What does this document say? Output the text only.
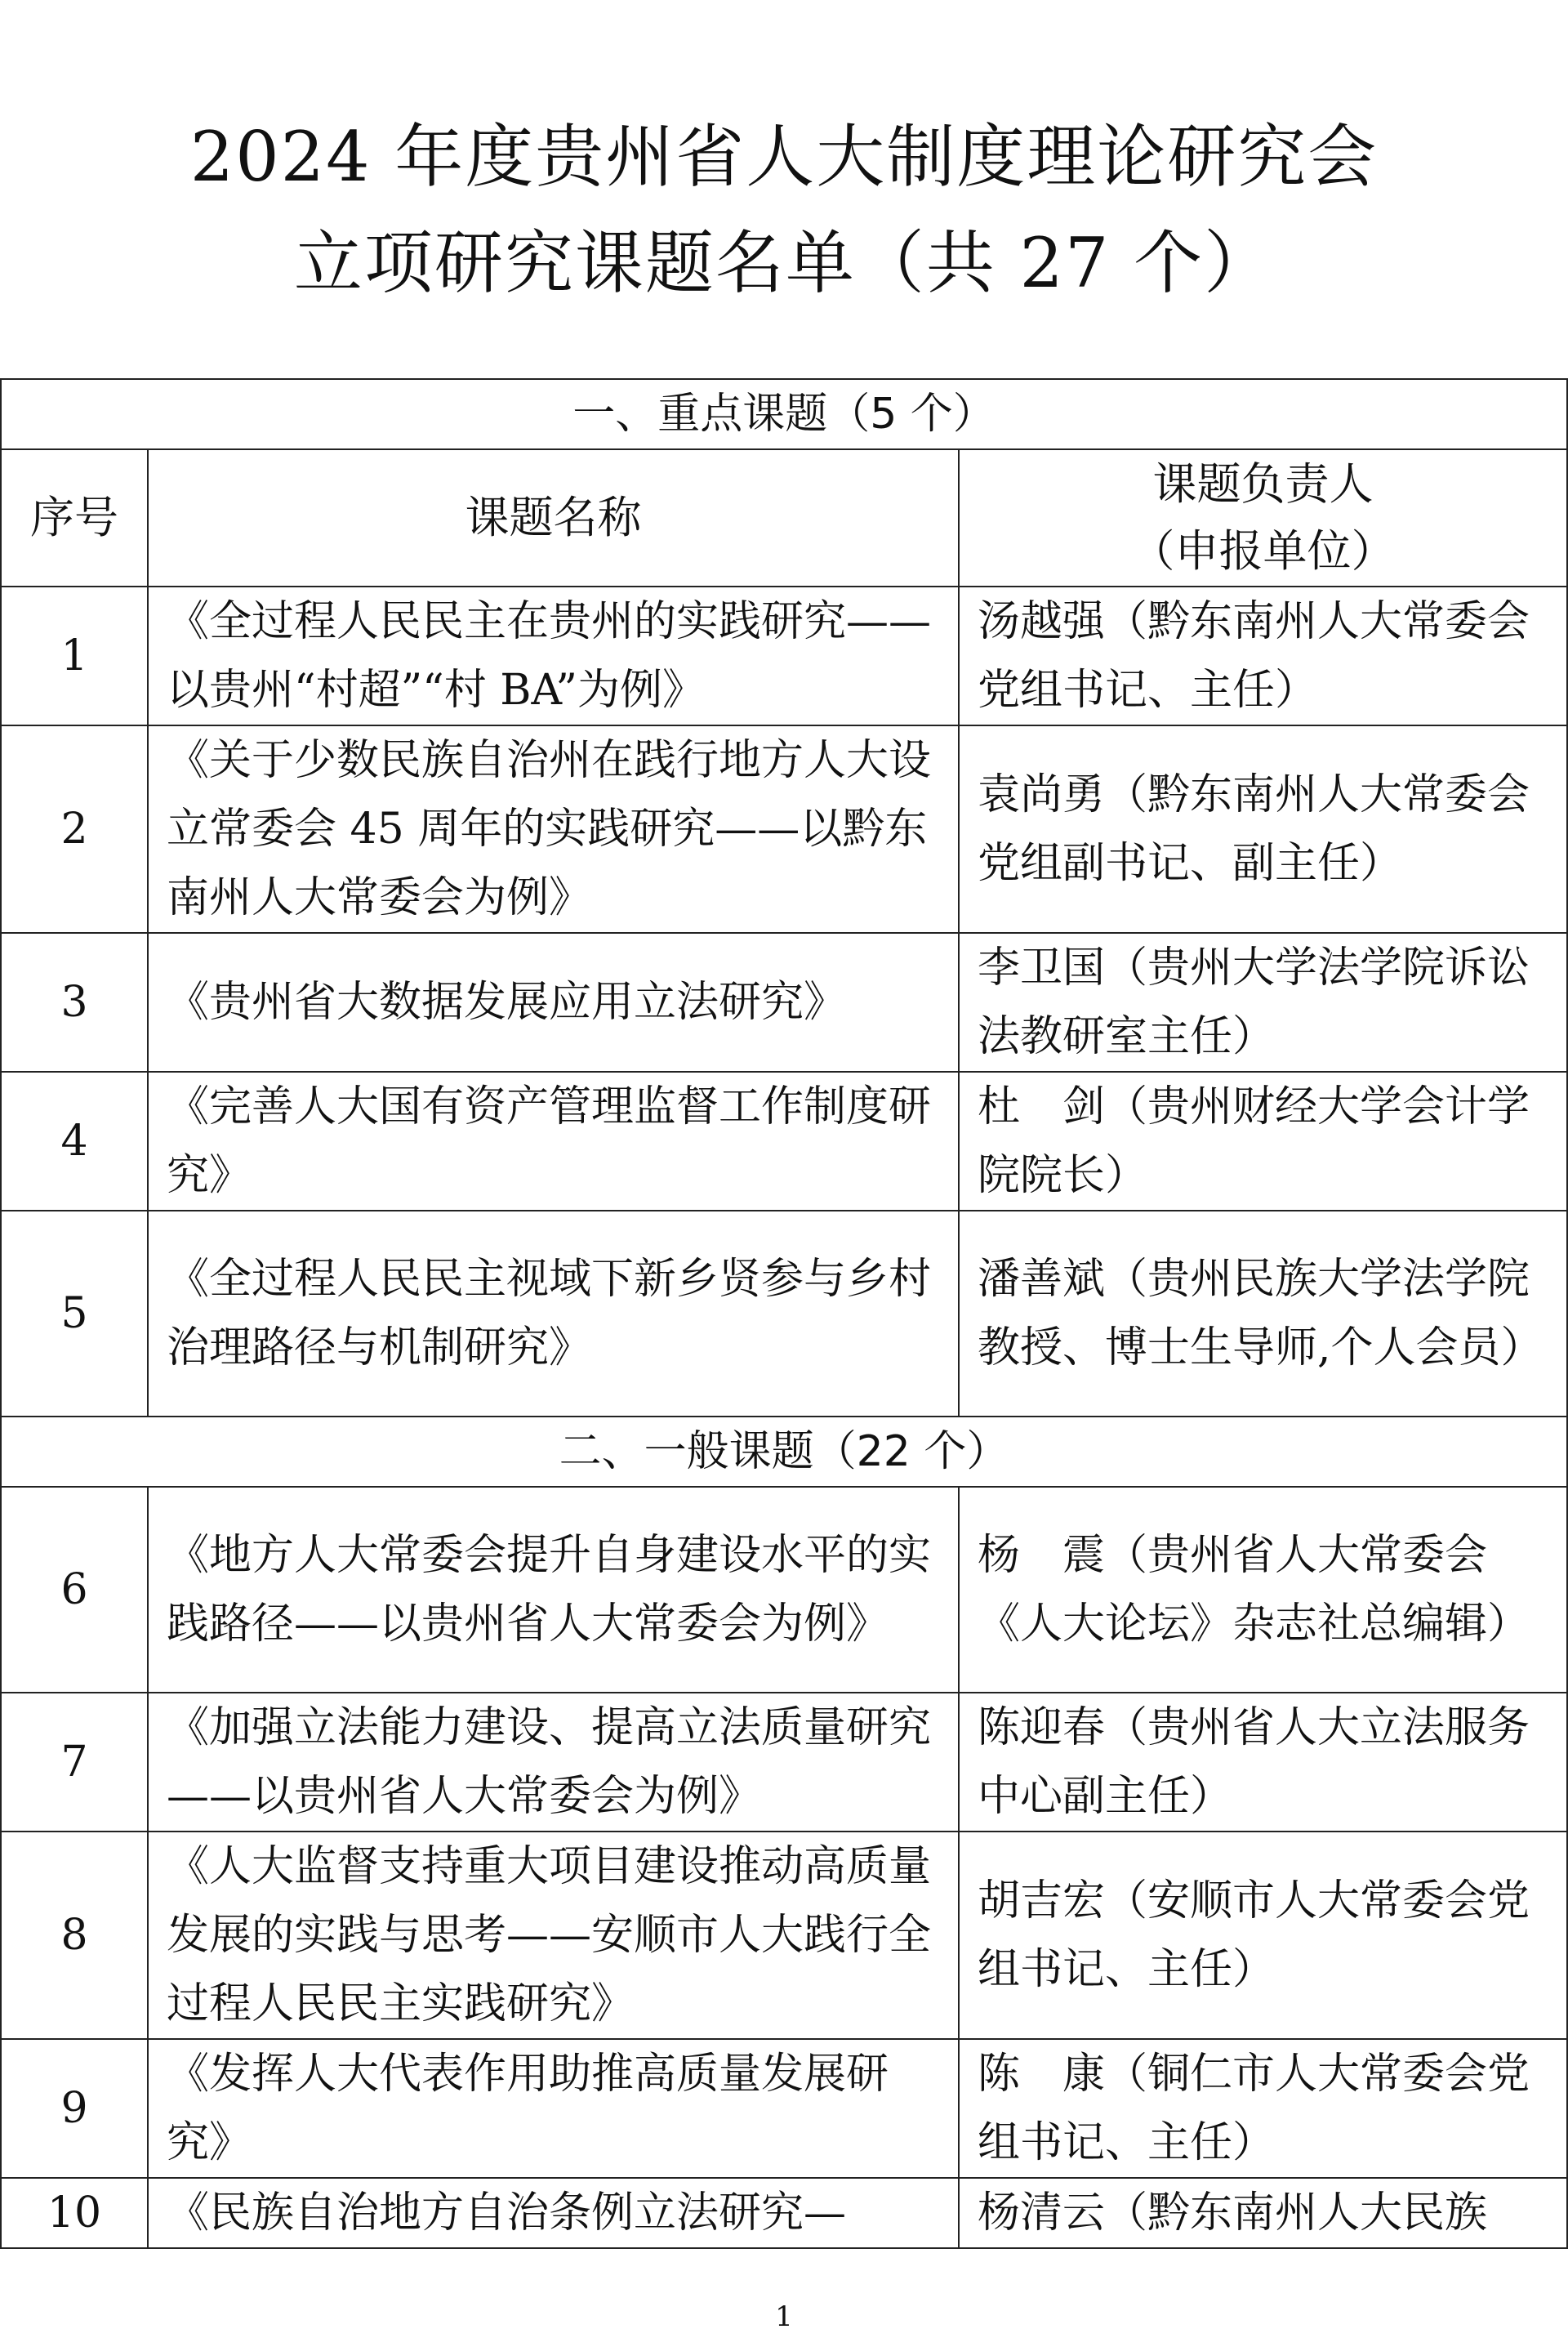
2024 年度贵州省人大制度理论研究会
立项研究课题名单（共 27 个）
一、重点课题（5 个）		
序号	课题名称	课题负责人
（申报单位）

1	《全过程人民民主在贵州的实践研究——以贵州“村超”“村 BA”为例》	汤越强（黔东南州人大常委会党组书记、主任）
2	《关于少数民族自治州在践行地方人大设立常委会 45 周年的实践研究——以黔东南州人大常委会为例》	袁尚勇（黔东南州人大常委会党组副书记、副主任）
3	《贵州省大数据发展应用立法研究》	李卫国（贵州大学法学院诉讼法教研室主任）
4	《完善人大国有资产管理监督工作制度研究》	杜　剑（贵州财经大学会计学院院长）
5	《全过程人民民主视域下新乡贤参与乡村治理路径与机制研究》	潘善斌（贵州民族大学法学院教授、博士生导师,个人会员）
二、一般课题（22 个）		
6	《地方人大常委会提升自身建设水平的实践路径——以贵州省人大常委会为例》	杨　震（贵州省人大常委会《人大论坛》杂志社总编辑）
7	《加强立法能力建设、提高立法质量研究——以贵州省人大常委会为例》	陈迎春（贵州省人大立法服务中心副主任）
8	《人大监督支持重大项目建设推动高质量发展的实践与思考——安顺市人大践行全过程人民民主实践研究》	胡吉宏（安顺市人大常委会党组书记、主任）
9	《发挥人大代表作用助推高质量发展研究》	陈　康（铜仁市人大常委会党组书记、主任）
10	《民族自治地方自治条例立法研究—	杨清云（黔东南州人大民族
1
